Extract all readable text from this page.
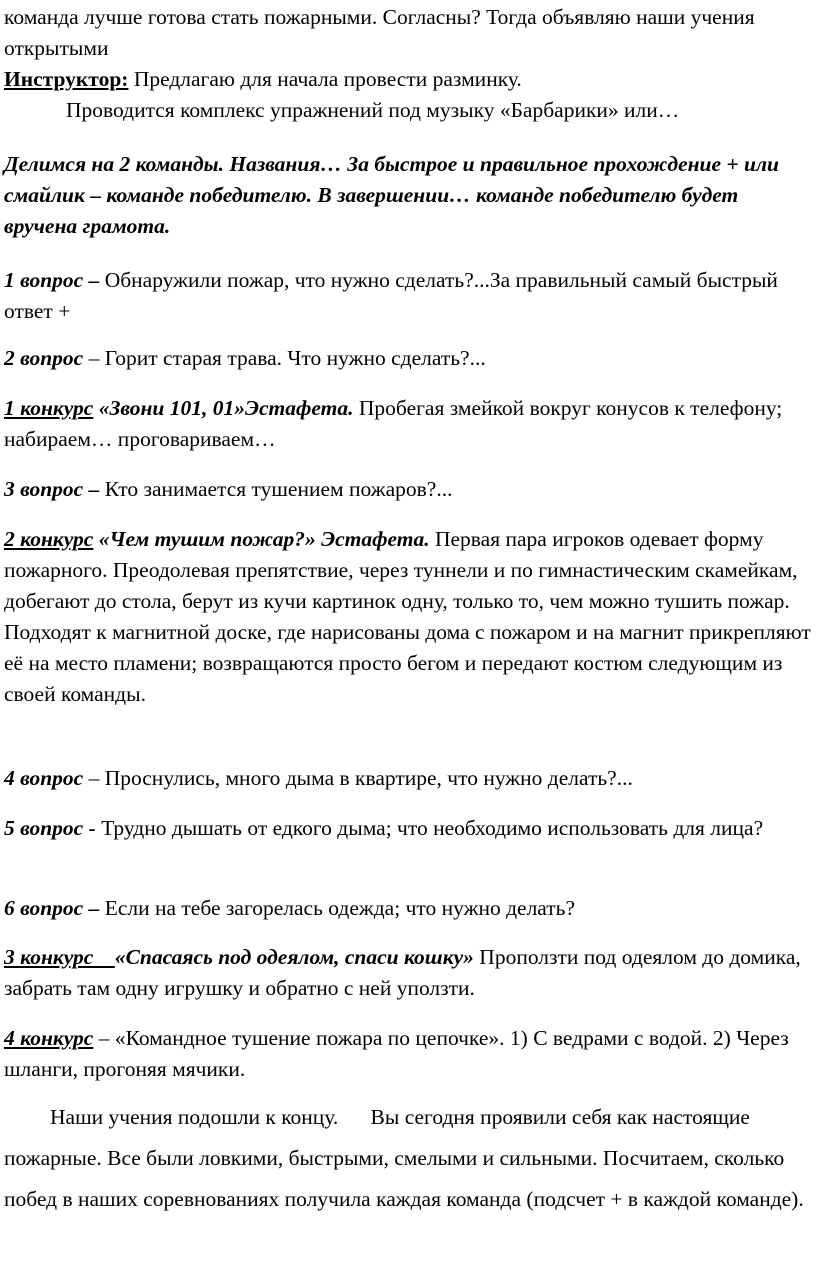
команда лучше готова стать пожарными. Согласны? Тогда объявляю наши учения открытыми

Инструктор: Предлагаю для начала провести разминку.

Проводится комплекс упражнений под музыку «Барбарики» или…

Делимся на 2 команды. Названия… За быстрое и правильное прохождение + или смайлик – команде победителю. В завершении… команде победителю будет вручена грамота.

1 вопрос – Обнаружили пожар, что нужно сделать?...За правильный самый быстрый ответ +

2 вопрос – Горит старая трава. Что нужно сделать?...

1 конкурс «Звони 101, 01»Эстафета. Пробегая змейкой вокруг конусов к телефону; набираем… проговариваем…

3 вопрос – Кто занимается тушением пожаров?...

2 конкурс «Чем тушим пожар?» Эстафета. Первая пара игроков одевает форму пожарного. Преодолевая препятствие, через туннели и по гимнастическим скамейкам, добегают до стола, берут из кучи картинок одну, только то, чем можно тушить пожар. Подходят к магнитной доске, где нарисованы дома с пожаром и на магнит прикрепляют её на место пламени; возвращаются просто бегом и передают костюм следующим из своей команды.

4 вопрос – Проснулись, много дыма в квартире, что нужно делать?...

5 вопрос - Трудно дышать от едкого дыма; что необходимо использовать для лица?

6 вопрос – Если на тебе загорелась одежда; что нужно делать?

3 конкурс    «Спасаясь под одеялом, спаси кошку» Проползти под одеялом до домика, забрать там одну игрушку и обратно с ней уползти.

4 конкурс – «Командное тушение пожара по цепочке». 1) С ведрами с водой. 2) Через шланги, прогоняя мячики.

Наши учения подошли к концу.      Вы сегодня проявили себя как настоящие пожарные. Все были ловкими, быстрыми, смелыми и сильными. Посчитаем, сколько побед в наших соревнованиях получила каждая команда (подсчет + в каждой команде).
